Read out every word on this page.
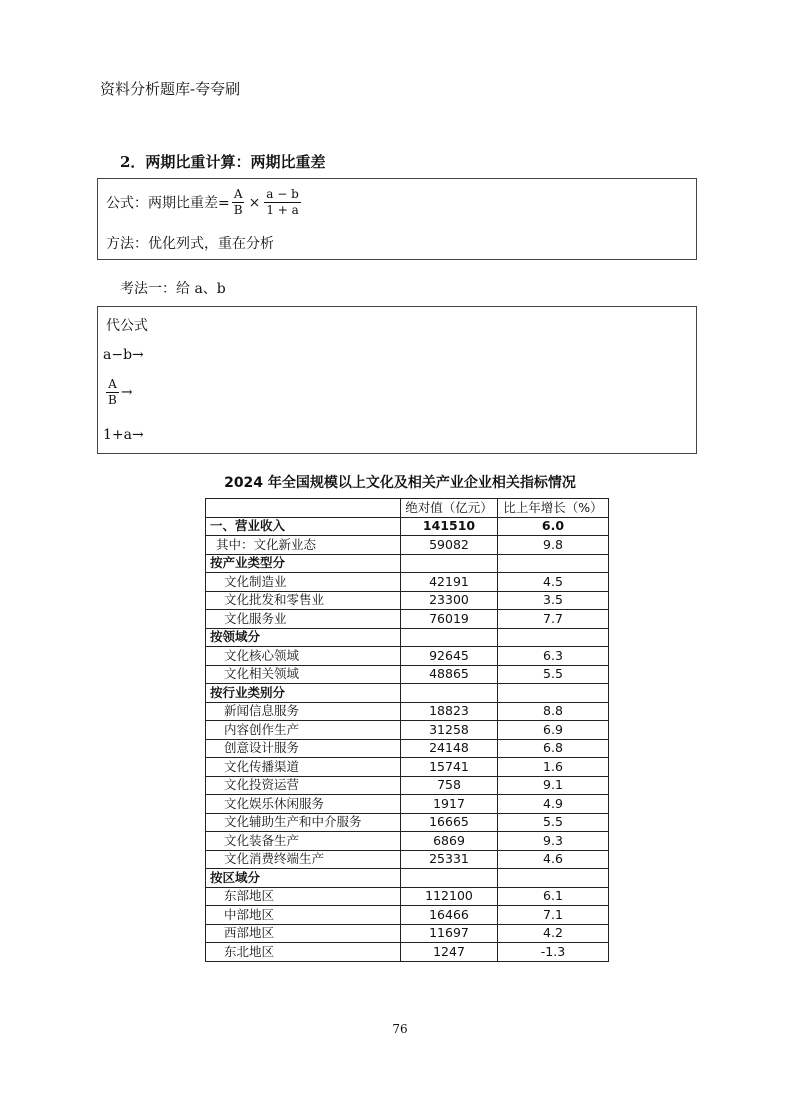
资料分析题库-夸夸刷
2．两期比重计算：两期比重差
公式：两期比重差= $\frac{A}{B} \times \frac{a - b}{1 + a}$
方法：优化列式，重在分析
考法一：给 a、b
代公式
a−b→
$\frac{A}{B}$ →
1+a→
2024 年全国规模以上文化及相关产业企业相关指标情况
	绝对值（亿元）	比上年增长（%）
一、营业收入	141510	6.0
其中：文化新业态	59082	9.8
按产业类型分		
文化制造业	42191	4.5
文化批发和零售业	23300	3.5
文化服务业	76019	7.7
按领域分		
文化核心领域	92645	6.3
文化相关领域	48865	5.5
按行业类别分		
新闻信息服务	18823	8.8
内容创作生产	31258	6.9
创意设计服务	24148	6.8
文化传播渠道	15741	1.6
文化投资运营	758	9.1
文化娱乐休闲服务	1917	4.9
文化辅助生产和中介服务	16665	5.5
文化装备生产	6869	9.3
文化消费终端生产	25331	4.6
按区域分		
东部地区	112100	6.1
中部地区	16466	7.1
西部地区	11697	4.2
东北地区	1247	-1.3
76
